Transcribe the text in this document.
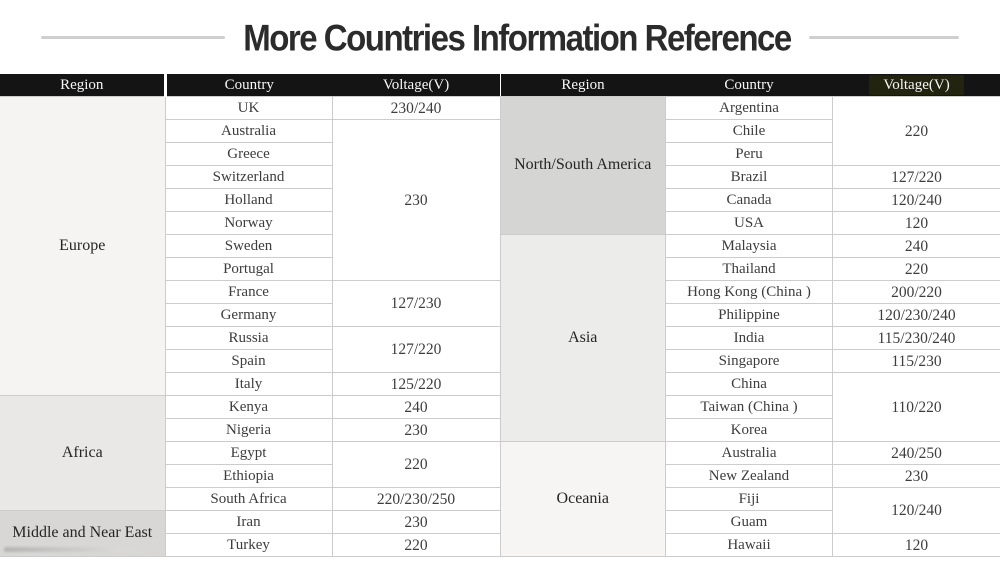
More Countries Information Reference
Region	Country	Voltage(V)
Europe	UK	230/240
	Australia	230
	Greece	
	Switzerland	
	Holland	
	Norway	
	Sweden	
	Portugal	
	France	127/230
	Germany	
	Russia	127/220
	Spain	
	Italy	125/220
Africa	Kenya	240
	Nigeria	230
	Egypt	220
	Ethiopia	
	South Africa	220/230/250
Middle and Near East	Iran	230
	Turkey	220
Region	Country	Voltage(V)
North/South America	Argentina	220
	Chile	
	Peru	
	Brazil	127/220
	Canada	120/240
	USA	120
Asia	Malaysia	240
	Thailand	220
	Hong Kong (China )	200/220
	Philippine	120/230/240
	India	115/230/240
	Singapore	115/230
	China	110/220
	Taiwan (China )	
	Korea	
Oceania	Australia	240/250
	New Zealand	230
	Fiji	120/240
	Guam	
	Hawaii	120
